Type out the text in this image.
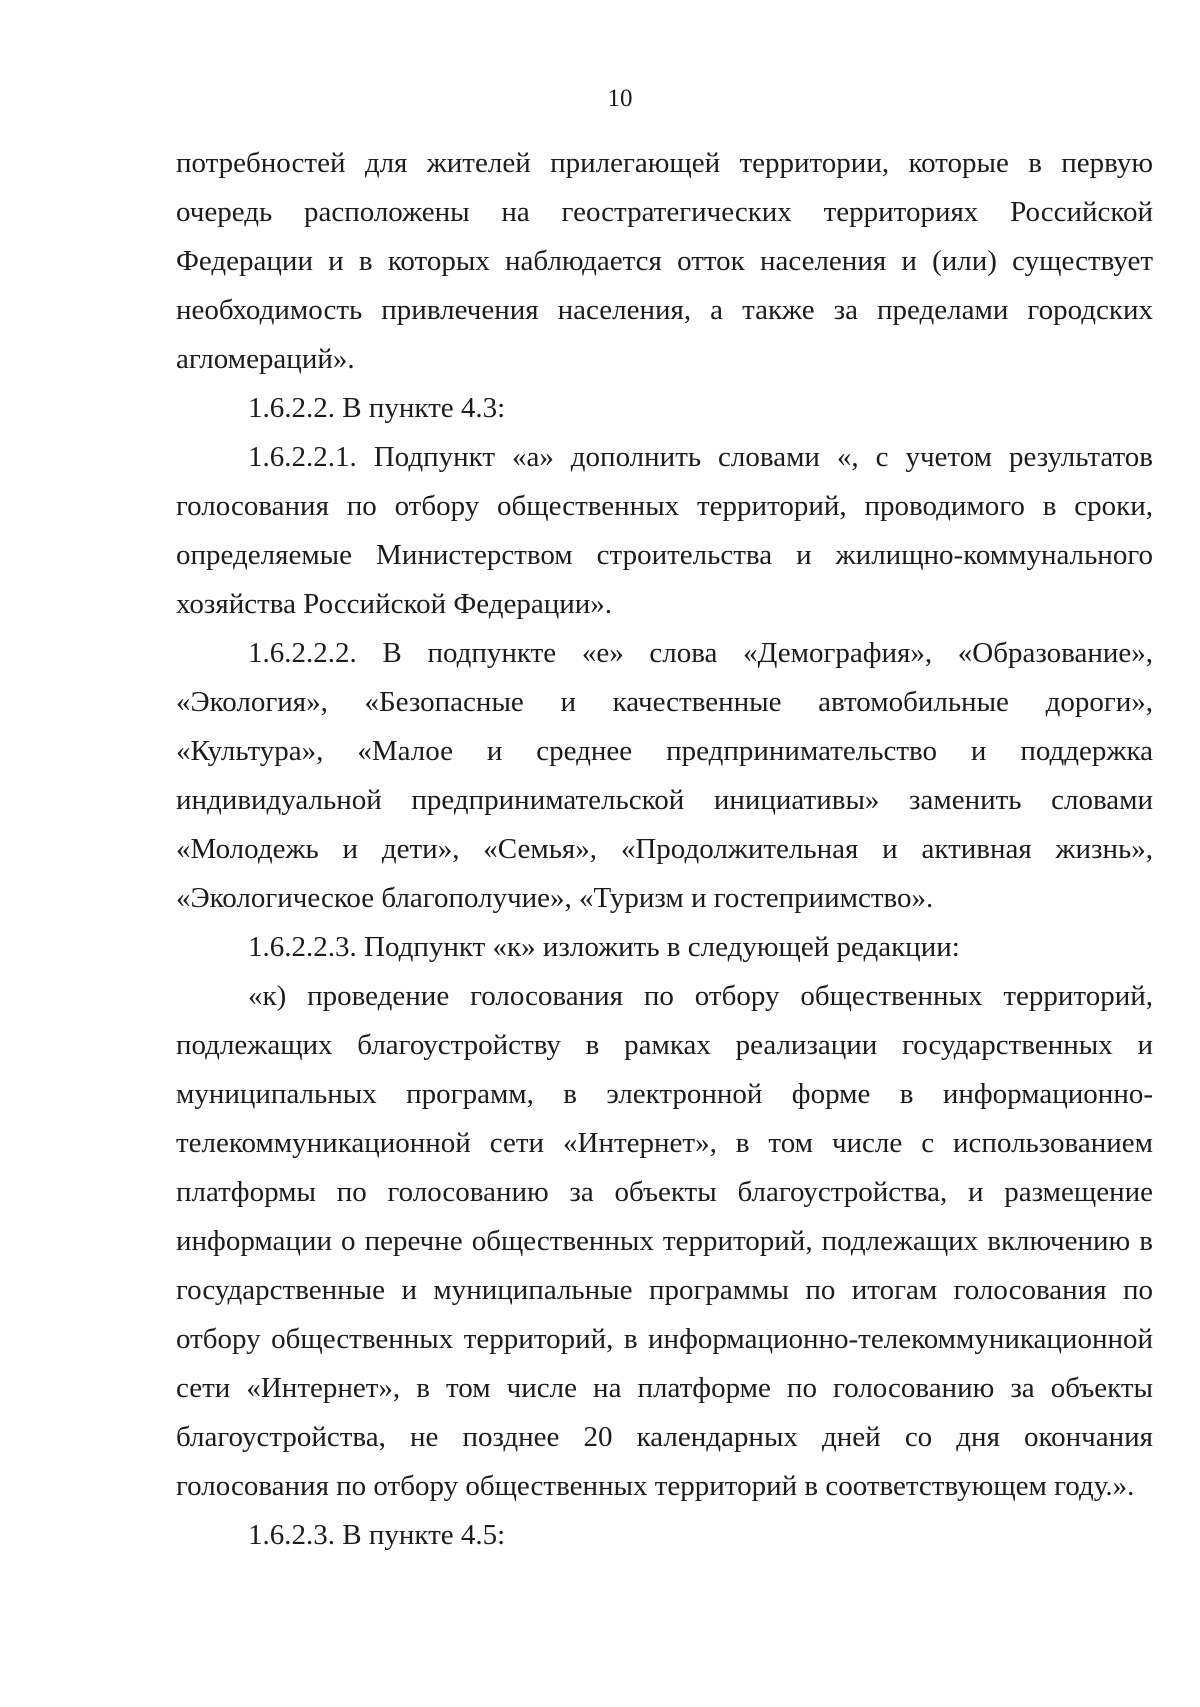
10

потребностей для жителей прилегающей территории, которые в первую очередь расположены на геостратегических территориях Российской Федерации и в которых наблюдается отток населения и (или) существует необходимость привлечения населения, а также за пределами городских агломераций».

1.6.2.2. В пункте 4.3:

1.6.2.2.1. Подпункт «а» дополнить словами «, с учетом результатов голосования по отбору общественных территорий, проводимого в сроки, определяемые Министерством строительства и жилищно-коммунального хозяйства Российской Федерации».

1.6.2.2.2. В подпункте «е» слова «Демография», «Образование», «Экология», «Безопасные и качественные автомобильные дороги», «Культура», «Малое и среднее предпринимательство и поддержка индивидуальной предпринимательской инициативы» заменить словами «Молодежь и дети», «Семья», «Продолжительная и активная жизнь», «Экологическое благополучие», «Туризм и гостеприимство».

1.6.2.2.3. Подпункт «к» изложить в следующей редакции:

«к) проведение голосования по отбору общественных территорий, подлежащих благоустройству в рамках реализации государственных и муниципальных программ, в электронной форме в информационно- телекоммуникационной сети «Интернет», в том числе с использованием платформы по голосованию за объекты благоустройства, и размещение информации о перечне общественных территорий, подлежащих включению в государственные и муниципальные программы по итогам голосования по отбору общественных территорий, в информационно-телекоммуникационной сети «Интернет», в том числе на платформе по голосованию за объекты благоустройства, не позднее 20 календарных дней со дня окончания голосования по отбору общественных территорий в соответствующем году.».

1.6.2.3. В пункте 4.5:
